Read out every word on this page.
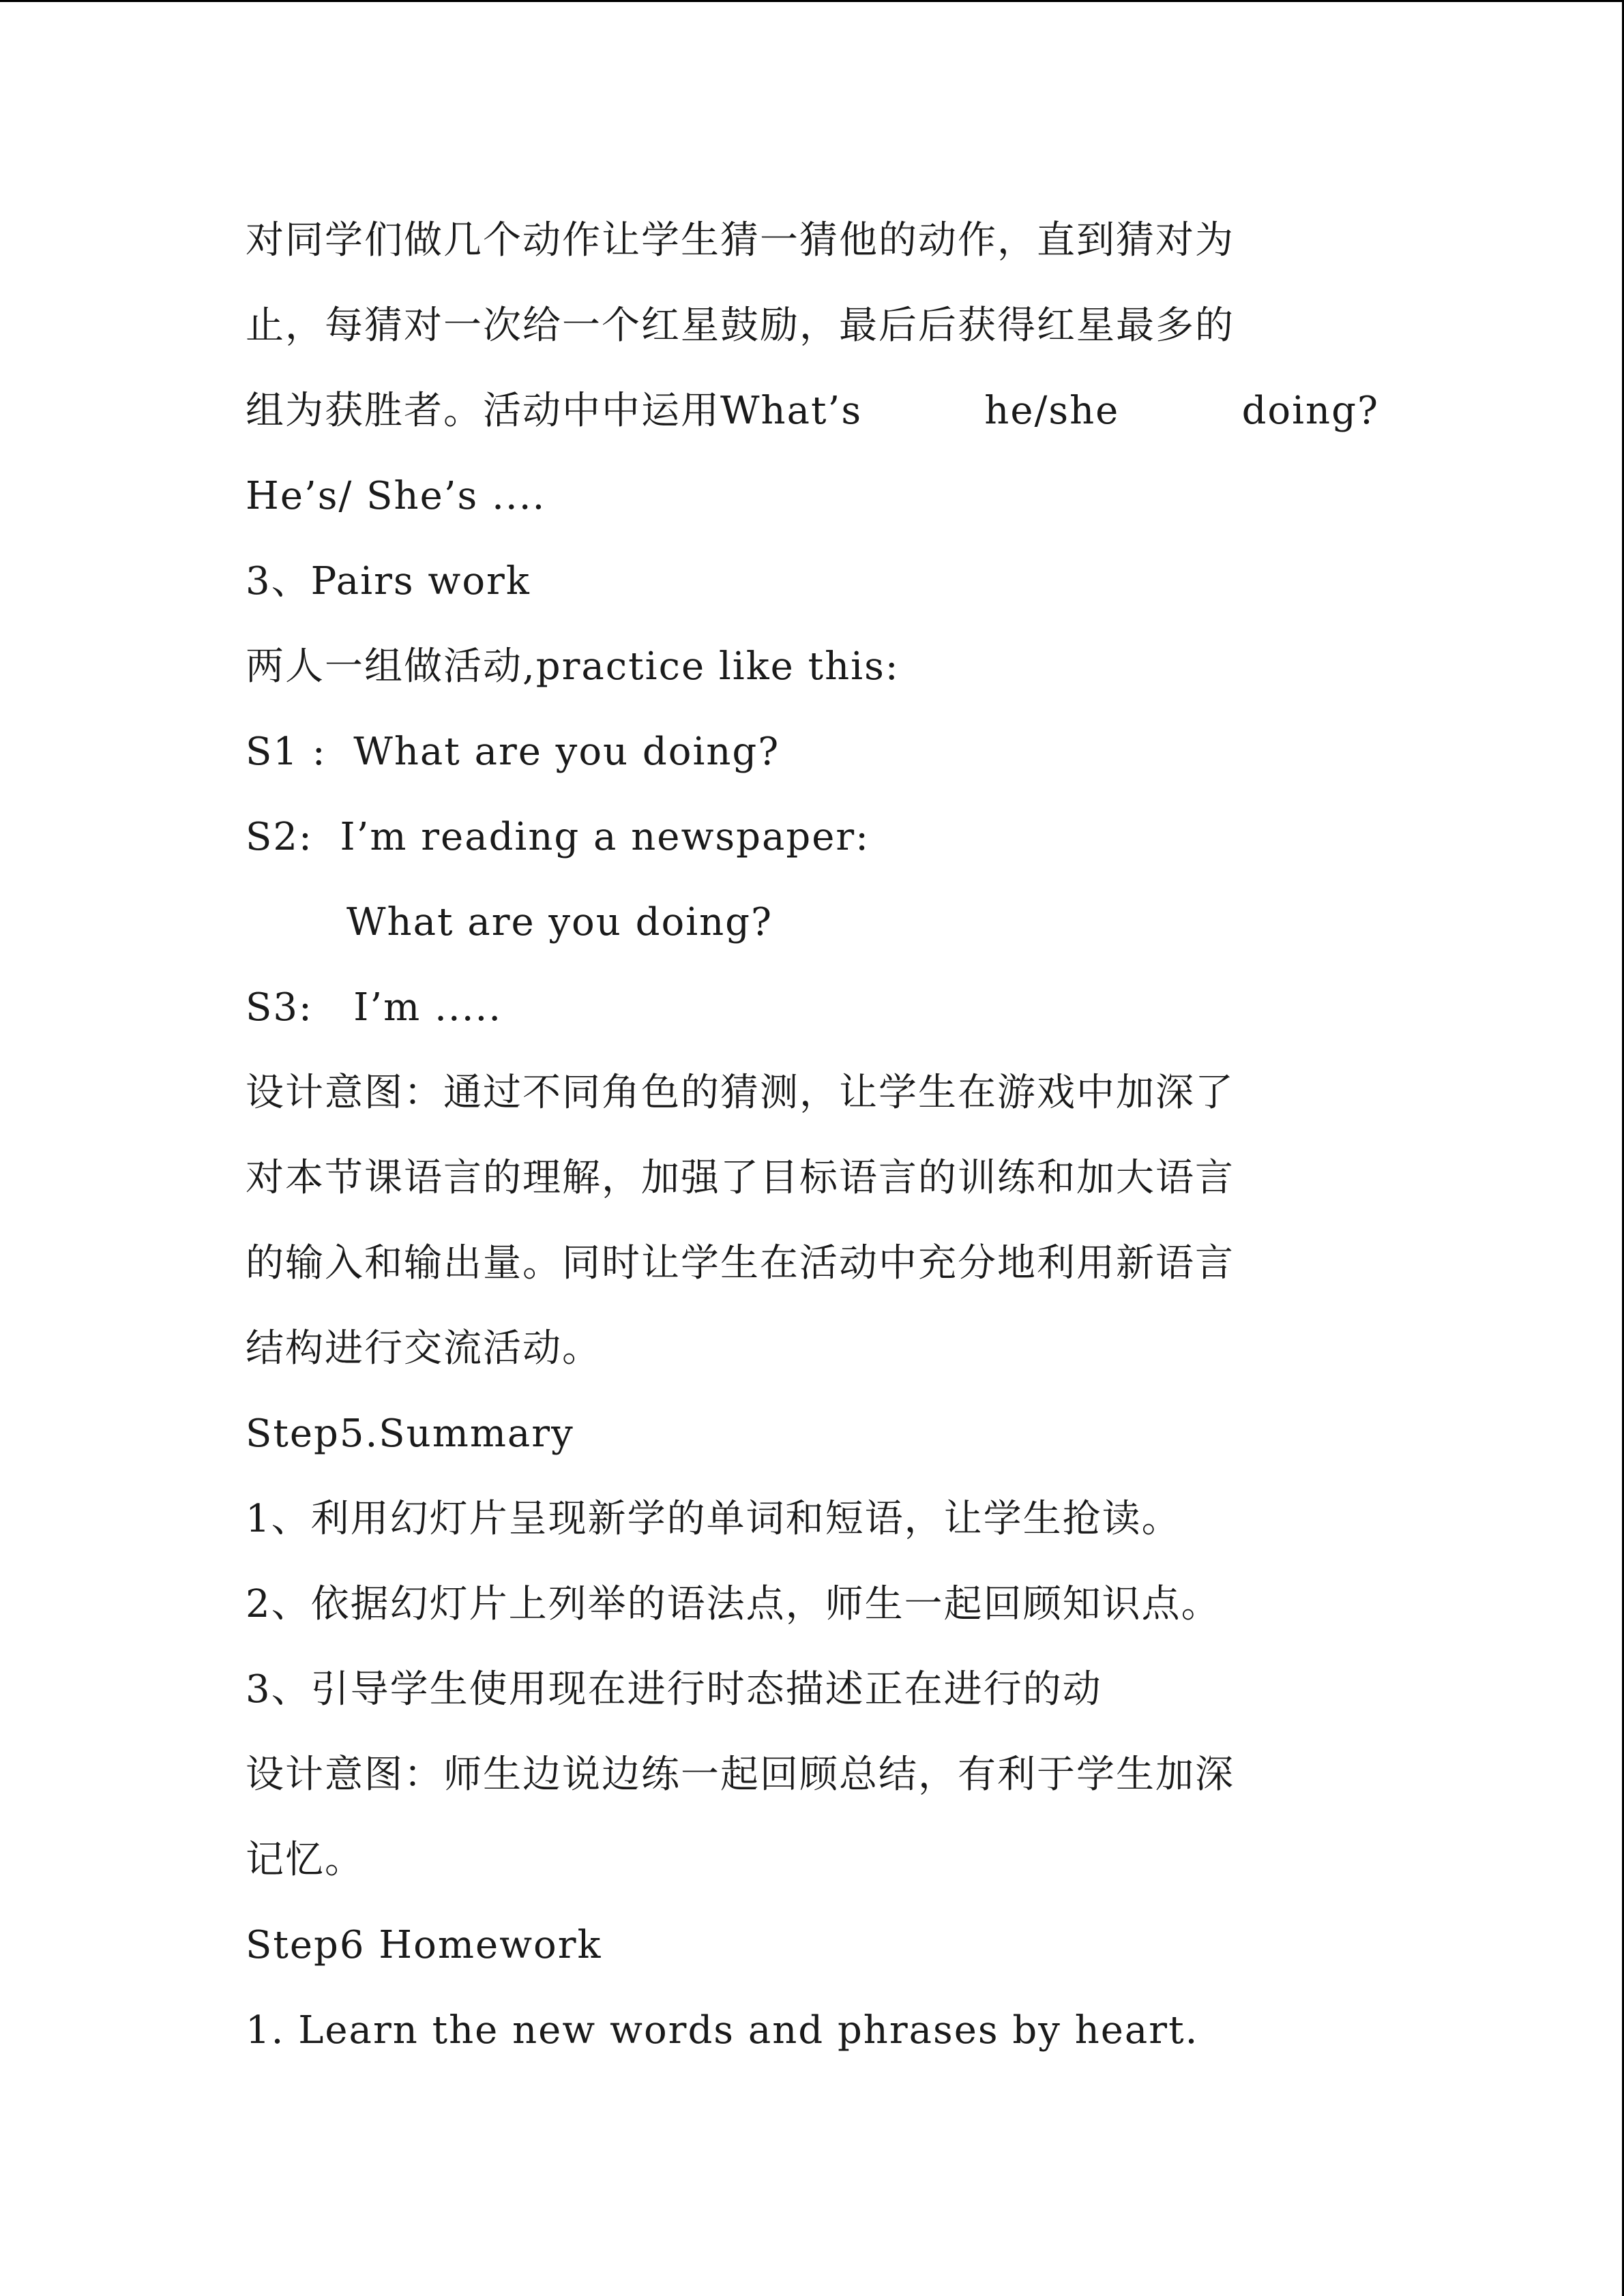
对同学们做几个动作让学生猜一猜他的动作，直到猜对为
止，每猜对一次给一个红星鼓励，最后后获得红星最多的
组为获胜者。活动中中运用What’s	he/she	doing?
He’s/ She’s ....
3、Pairs work
两人一组做活动,practice like this:
S1 :  What are you doing?
S2:  I’m reading a newspaper:
What are you doing?
S3:   I’m .....
设计意图：通过不同角色的猜测，让学生在游戏中加深了
对本节课语言的理解，加强了目标语言的训练和加大语言
的输入和输出量。同时让学生在活动中充分地利用新语言
结构进行交流活动。
Step5.Summary
1、利用幻灯片呈现新学的单词和短语，让学生抢读。
2、依据幻灯片上列举的语法点，师生一起回顾知识点。
3、引导学生使用现在进行时态描述正在进行的动
设计意图：师生边说边练一起回顾总结，有利于学生加深
记忆。
Step6 Homework
1. Learn the new words and phrases by heart.
